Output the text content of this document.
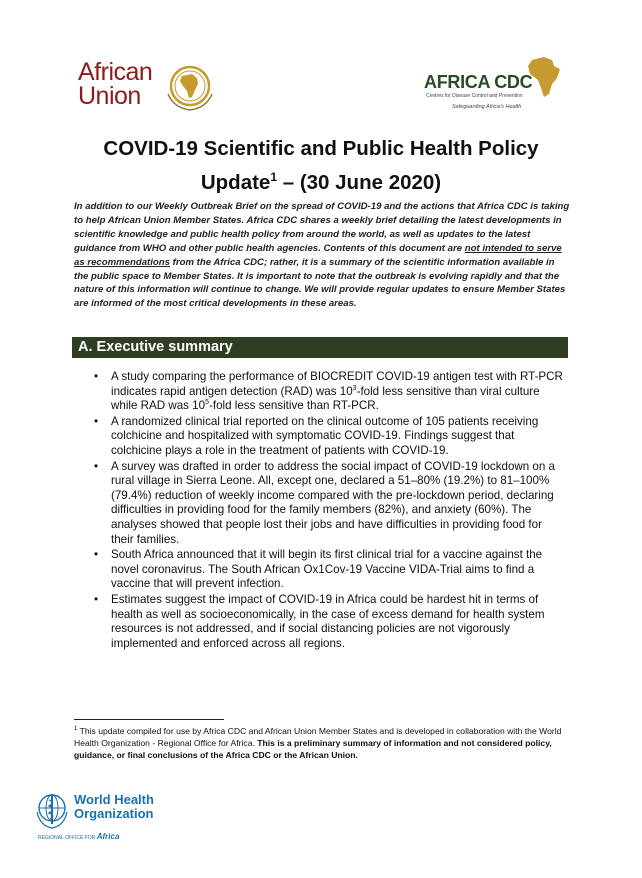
African
Union	AFRICA CDC
Centres for Disease Control and Prevention
Safeguarding Africa's Health
COVID-19 Scientific and Public Health Policy
Update$^1$ – (30 June 2020)
In addition to our Weekly Outbreak Brief on the spread of COVID-19 and the actions that Africa CDC is taking to help African Union Member States. Africa CDC shares a weekly brief detailing the latest developments in scientific knowledge and public health policy from around the world, as well as updates to the latest guidance from WHO and other public health agencies. Contents of this document are not intended to serve as recommendations from the Africa CDC; rather, it is a summary of the scientific information available in the public space to Member States. It is important to note that the outbreak is evolving rapidly and that the nature of this information will continue to change. We will provide regular updates to ensure Member States are informed of the most critical developments in these areas.
A. Executive summary
• A study comparing the performance of BIOCREDIT COVID-19 antigen test with RT-PCR indicates rapid antigen detection (RAD) was $10^3$-fold less sensitive than viral culture while RAD was $10^5$-fold less sensitive than RT-PCR.
• A randomized clinical trial reported on the clinical outcome of 105 patients receiving colchicine and hospitalized with symptomatic COVID-19. Findings suggest that colchicine plays a role in the treatment of patients with COVID-19.
• A survey was drafted in order to address the social impact of COVID-19 lockdown on a rural village in Sierra Leone. All, except one, declared a 51–80% (19.2%) to 81–100% (79.4%) reduction of weekly income compared with the pre-lockdown period, declaring difficulties in providing food for the family members (82%), and anxiety (60%). The analyses showed that people lost their jobs and have difficulties in providing food for their families.
• South Africa announced that it will begin its first clinical trial for a vaccine against the novel coronavirus. The South African Ox1Cov-19 Vaccine VIDA-Trial aims to find a vaccine that will prevent infection.
• Estimates suggest the impact of COVID-19 in Africa could be hardest hit in terms of health as well as socioeconomically, in the case of excess demand for health system resources is not addressed, and if social distancing policies are not vigorously implemented and enforced across all regions.
$^1$ This update compiled for use by Africa CDC and African Union Member States and is developed in collaboration with the World Health Organization - Regional Office for Africa. This is a preliminary summary of information and not considered policy, guidance, or final conclusions of the Africa CDC or the African Union.
World Health
Organization
REGIONAL OFFICE FOR Africa
